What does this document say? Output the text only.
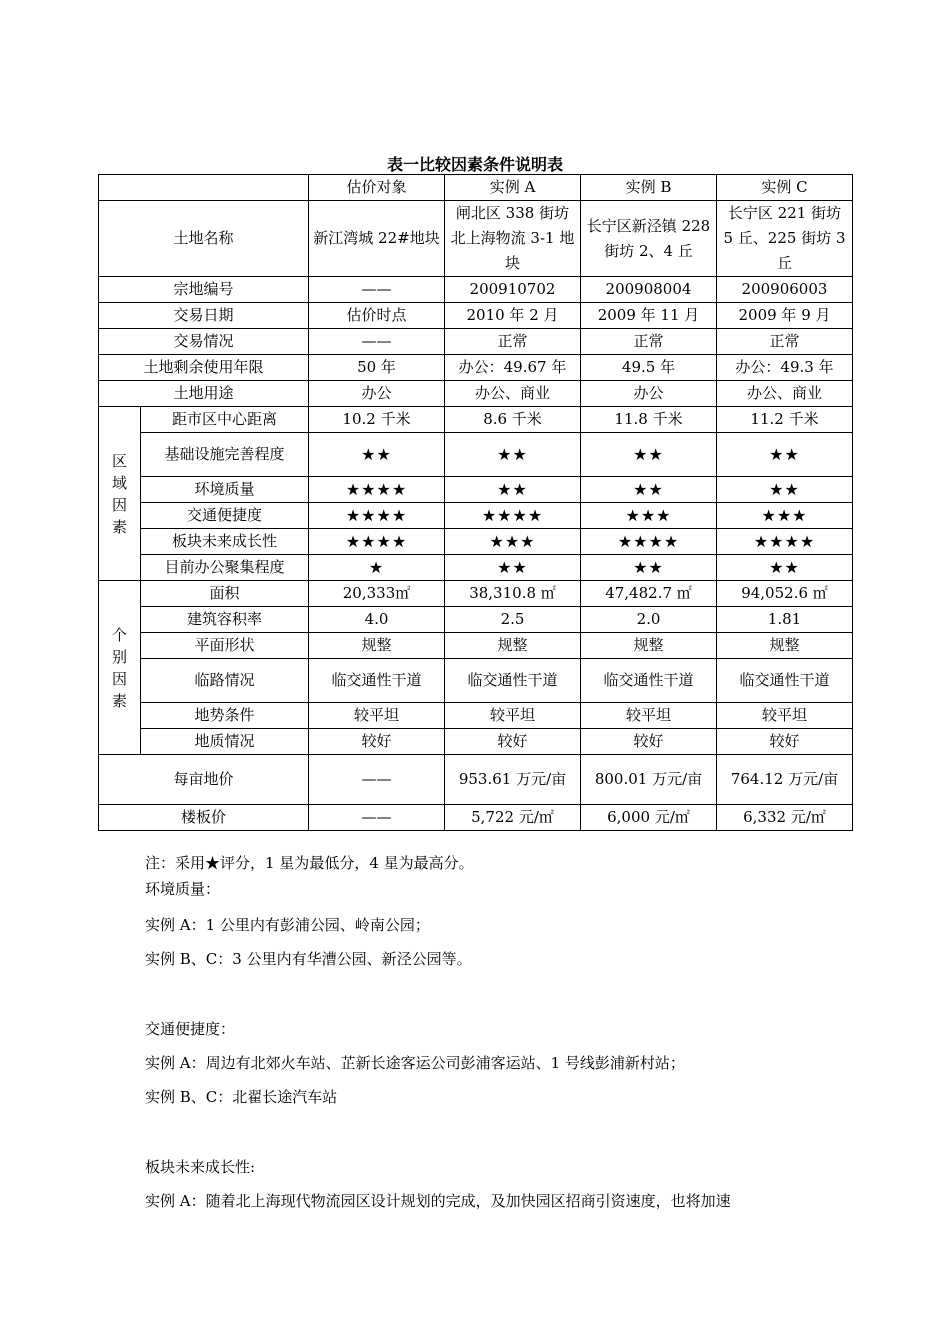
表一比较因素条件说明表
		估价对象	实例 A	实例 B	实例 C
土地名称		新江湾城 22#地块	闸北区 338 街坊北上海物流 3-1 地块	长宁区新泾镇 228 街坊 2、4 丘	长宁区 221 街坊 5 丘、225 街坊 3 丘
宗地编号		——	200910702	200908004	200906003
交易日期		估价时点	2010 年 2 月	2009 年 11 月	2009 年 9 月
交易情况		——	正常	正常	正常
土地剩余使用年限		50 年	办公：49.67 年	49.5 年	办公：49.3 年
土地用途		办公	办公、商业	办公	办公、商业
区
域
因
素	距市区中心距离	10.2 千米	8.6 千米	11.8 千米	11.2 千米
	基础设施完善程度	★★	★★	★★	★★
	环境质量	★★★★	★★	★★	★★
	交通便捷度	★★★★	★★★★	★★★	★★★
	板块未来成长性	★★★★	★★★	★★★★	★★★★
	目前办公聚集程度	★	★★	★★	★★
个
别
因
素	面积	20,333㎡	38,310.8 ㎡	47,482.7 ㎡	94,052.6 ㎡
	建筑容积率	4.0	2.5	2.0	1.81
	平面形状	规整	规整	规整	规整
	临路情况	临交通性干道	临交通性干道	临交通性干道	临交通性干道
	地势条件	较平坦	较平坦	较平坦	较平坦
	地质情况	较好	较好	较好	较好
每亩地价		——	953.61 万元/亩	800.01 万元/亩	764.12 万元/亩
楼板价		——	5,722 元/㎡	6,000 元/㎡	6,332 元/㎡

注：采用★评分，1 星为最低分，4 星为最高分。

环境质量：

实例 A：1 公里内有彭浦公园、岭南公园；

实例 B、C：3 公里内有华漕公园、新泾公园等。

交通便捷度：

实例 A：周边有北郊火车站、芷新长途客运公司彭浦客运站、1 号线彭浦新村站；

实例 B、C：北翟长途汽车站

板块未来成长性:

实例 A：随着北上海现代物流园区设计规划的完成，及加快园区招商引资速度，也将加速
